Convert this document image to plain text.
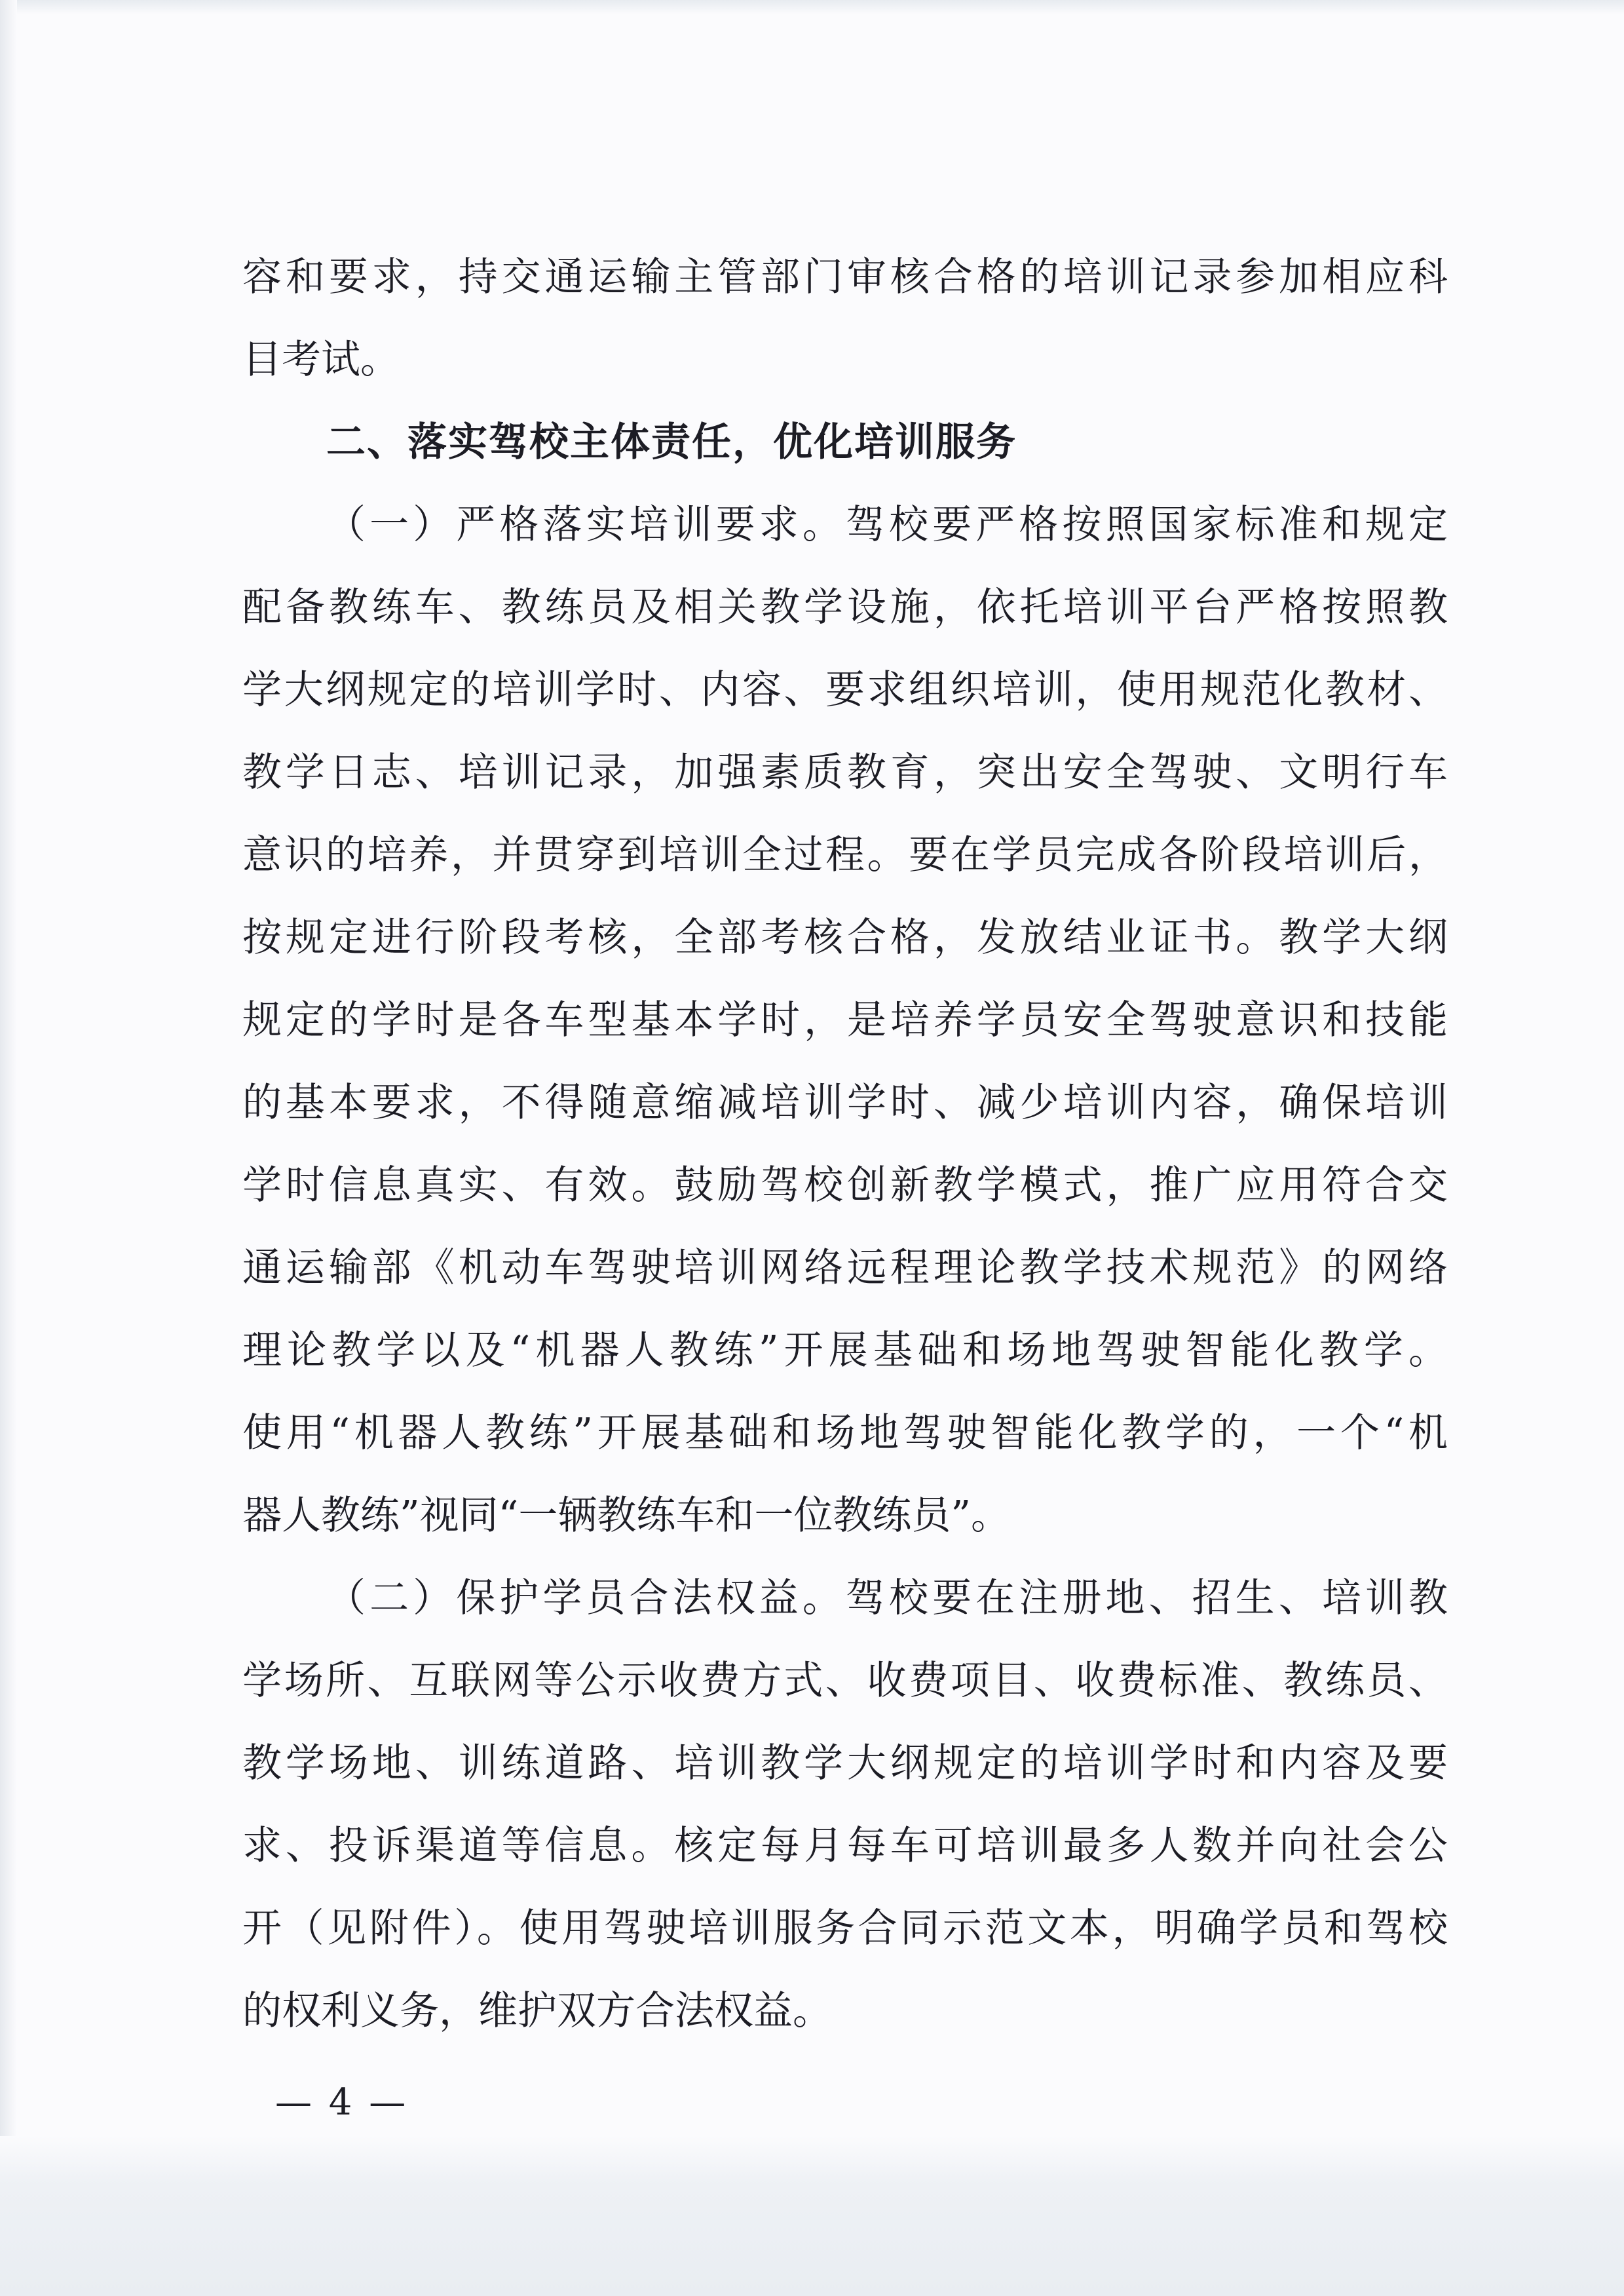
容和要求，持交通运输主管部门审核合格的培训记录参加相应科
目考试。
二、落实驾校主体责任，优化培训服务
（一）严格落实培训要求。驾校要严格按照国家标准和规定
配备教练车、教练员及相关教学设施，依托培训平台严格按照教
学大纲规定的培训学时、内容、要求组织培训，使用规范化教材、
教学日志、培训记录，加强素质教育，突出安全驾驶、文明行车
意识的培养，并贯穿到培训全过程。要在学员完成各阶段培训后，
按规定进行阶段考核，全部考核合格，发放结业证书。教学大纲
规定的学时是各车型基本学时，是培养学员安全驾驶意识和技能
的基本要求，不得随意缩减培训学时、减少培训内容，确保培训
学时信息真实、有效。鼓励驾校创新教学模式，推广应用符合交
通运输部《机动车驾驶培训网络远程理论教学技术规范》的网络
理论教学以及“机器人教练”开展基础和场地驾驶智能化教学。
使用“机器人教练”开展基础和场地驾驶智能化教学的，一个“机
器人教练”视同“一辆教练车和一位教练员”。
（二）保护学员合法权益。驾校要在注册地、招生、培训教
学场所、互联网等公示收费方式、收费项目、收费标准、教练员、
教学场地、训练道路、培训教学大纲规定的培训学时和内容及要
求、投诉渠道等信息。核定每月每车可培训最多人数并向社会公
开（见附件）。使用驾驶培训服务合同示范文本，明确学员和驾校
的权利义务，维护双方合法权益。
— 4 —
